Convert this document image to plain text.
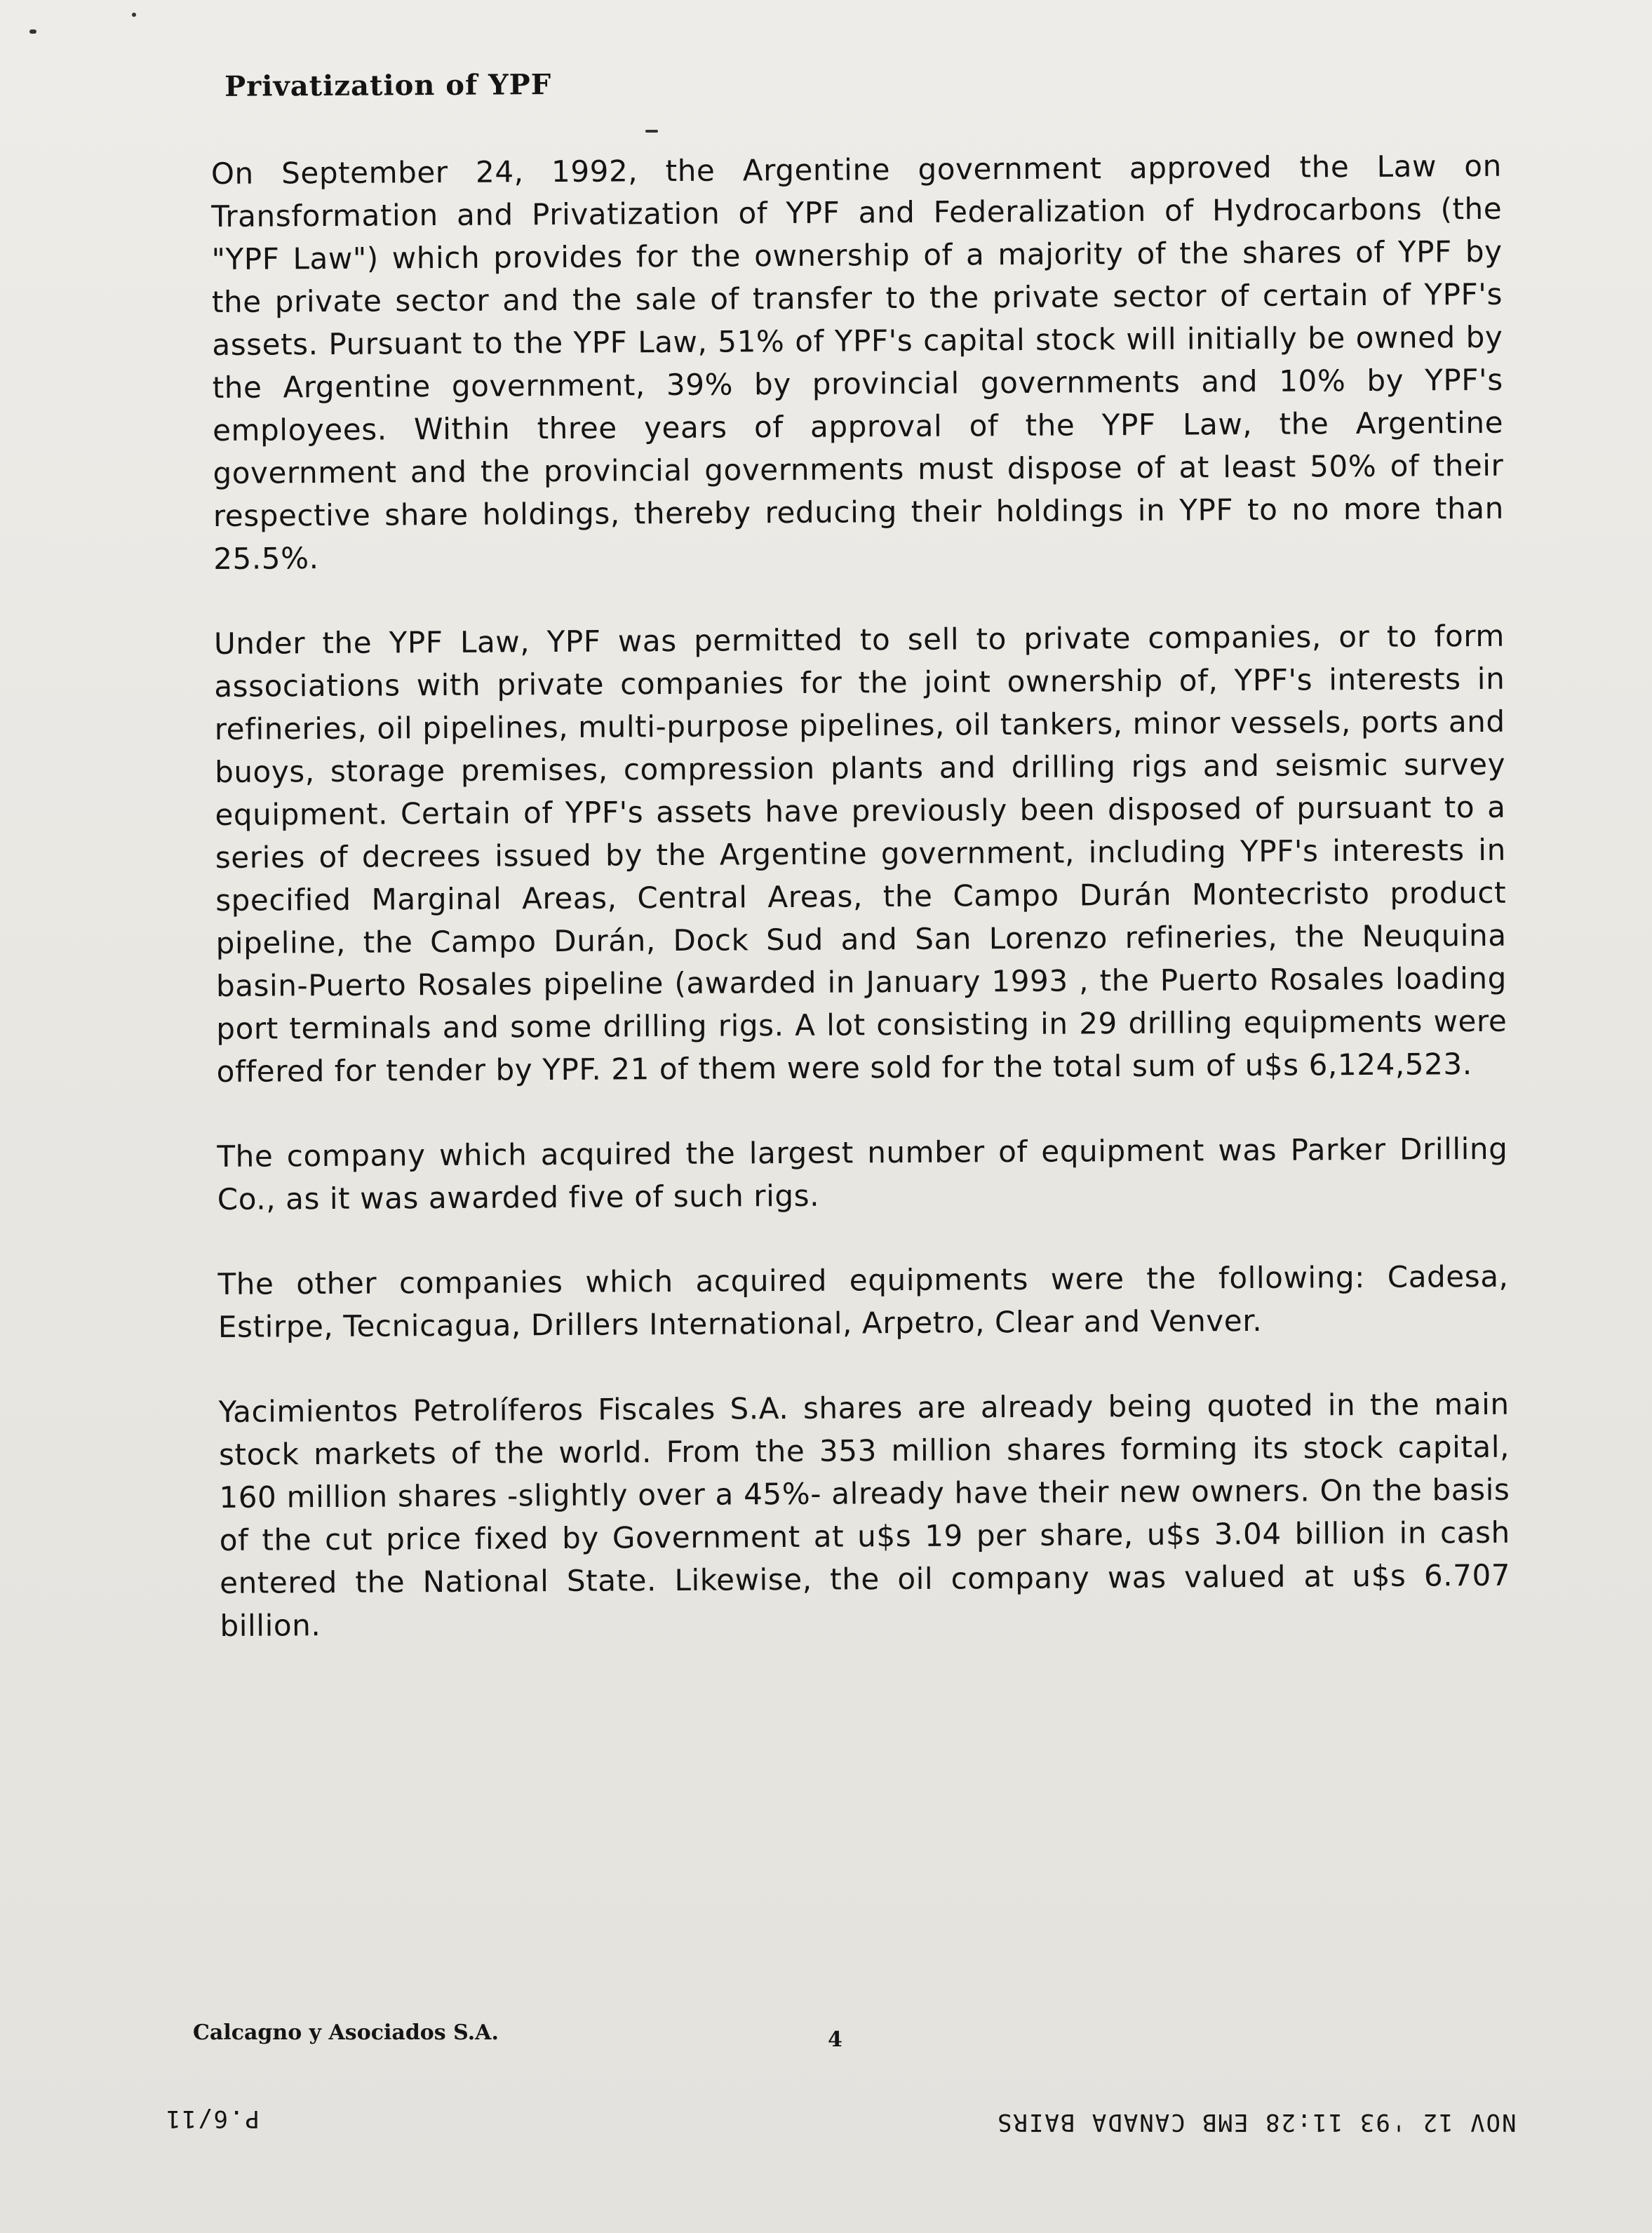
Privatization of YPF

On September 24, 1992, the Argentine government approved the Law on Transformation and Privatization of YPF and Federalization of Hydrocarbons (the "YPF Law") which provides for the ownership of a majority of the shares of YPF by the private sector and the sale of transfer to the private sector of certain of YPF's assets. Pursuant to the YPF Law, 51% of YPF's capital stock will initially be owned by the Argentine government, 39% by provincial governments and 10% by YPF's employees. Within three years of approval of the YPF Law, the Argentine government and the provincial governments must dispose of at least 50% of their respective share holdings, thereby reducing their holdings in YPF to no more than 25.5%.

Under the YPF Law, YPF was permitted to sell to private companies, or to form associations with private companies for the joint ownership of, YPF's interests in refineries, oil pipelines, multi-purpose pipelines, oil tankers, minor vessels, ports and buoys, storage premises, compression plants and drilling rigs and seismic survey equipment. Certain of YPF's assets have previously been disposed of pursuant to a series of decrees issued by the Argentine government, including YPF's interests in specified Marginal Areas, Central Areas, the Campo Durán Montecristo product pipeline, the Campo Durán, Dock Sud and San Lorenzo refineries, the Neuquina basin-Puerto Rosales pipeline (awarded in January 1993 , the Puerto Rosales loading port terminals and some drilling rigs. A lot consisting in 29 drilling equipments were offered for tender by YPF. 21 of them were sold for the total sum of u$s 6,124,523.

The company which acquired the largest number of equipment was Parker Drilling Co., as it was awarded five of such rigs.

The other companies which acquired equipments were the following: Cadesa, Estirpe, Tecnicagua, Drillers International, Arpetro, Clear and Venver.

Yacimientos Petrolíferos Fiscales S.A. shares are already being quoted in the main stock markets of the world. From the 353 million shares forming its stock capital, 160 million shares -slightly over a 45%- already have their new owners. On the basis of the cut price fixed by Government at u$s 19 per share, u$s 3.04 billion in cash entered the National State. Likewise, the oil company was valued at u$s 6.707 billion.

Calcagno y Asociados S.A.	4
P.6/11	NOV 12 '93 11:28 EMB CANADA BAIRS
